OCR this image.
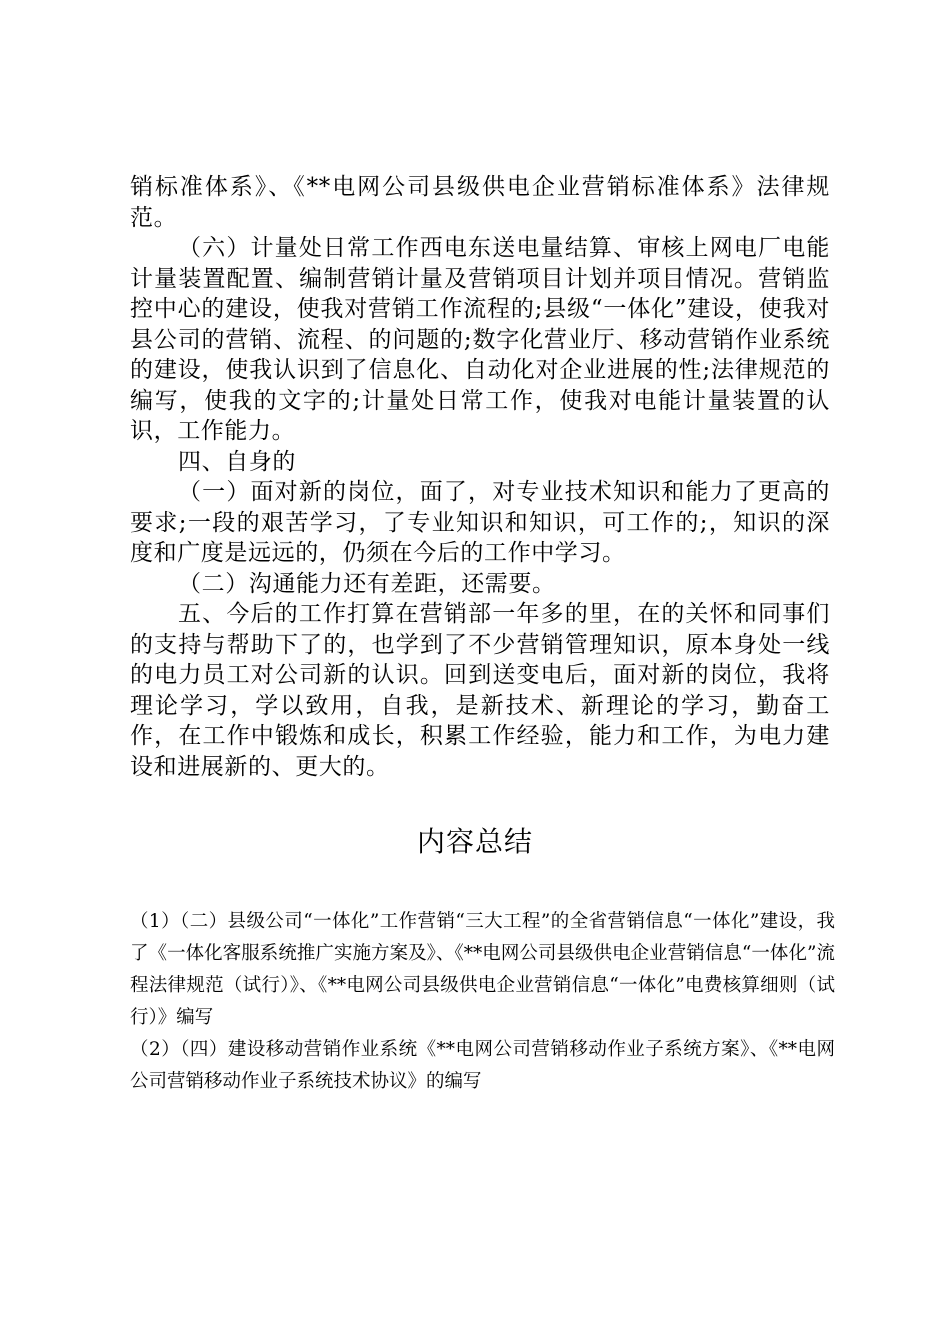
销标准体系》、《**电网公司县级供电企业营销标准体系》法律规范。

（六）计量处日常工作西电东送电量结算、审核上网电厂电能计量装置配置、编制营销计量及营销项目计划并项目情况。营销监控中心的建设，使我对营销工作流程的;县级“一体化”建设，使我对县公司的营销、流程、的问题的;数字化营业厅、移动营销作业系统的建设，使我认识到了信息化、自动化对企业进展的性;法律规范的编写，使我的文字的;计量处日常工作，使我对电能计量装置的认识，工作能力。

四、自身的

（一）面对新的岗位，面了，对专业技术知识和能力了更高的要求;一段的艰苦学习，了专业知识和知识，可工作的;，知识的深度和广度是远远的，仍须在今后的工作中学习。

（二）沟通能力还有差距，还需要。

五、今后的工作打算在营销部一年多的里，在的关怀和同事们的支持与帮助下了的，也学到了不少营销管理知识，原本身处一线的电力员工对公司新的认识。回到送变电后，面对新的岗位，我将理论学习，学以致用，自我，是新技术、新理论的学习，勤奋工作，在工作中锻炼和成长，积累工作经验，能力和工作，为电力建设和进展新的、更大的。

内容总结

（1）（二）县级公司“一体化”工作营销“三大工程”的全省营销信息“一体化”建设，我了《一体化客服系统推广实施方案及》、《**电网公司县级供电企业营销信息“一体化”流程法律规范（试行）》、《**电网公司县级供电企业营销信息“一体化”电费核算细则（试行）》编写

（2）（四）建设移动营销作业系统《**电网公司营销移动作业子系统方案》、《**电网公司营销移动作业子系统技术协议》的编写
